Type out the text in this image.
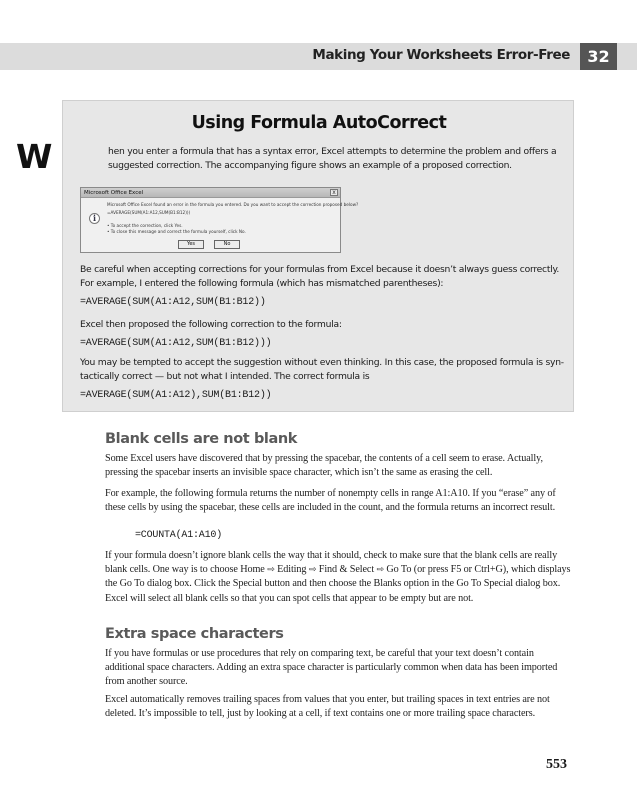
Making Your Worksheets Error-Free	32
Using Formula AutoCorrect
W	hen you enter a formula that has a syntax error, Excel attempts to determine the problem and offers a suggested correction. The accompanying figure shows an example of a proposed correction.
Microsoft Office Excel	x
i
Microsoft Office Excel found an error in the formula you entered. Do you want to accept the correction proposed below?
=AVERAGE(SUM(A1:A12,SUM(B1:B12)))
• To accept the correction, click Yes.
• To close this message and correct the formula yourself, click No.
Yes	No
Be careful when accepting corrections for your formulas from Excel because it doesn’t always guess correctly. For example, I entered the following formula (which has mismatched parentheses):
=AVERAGE(SUM(A1:A12,SUM(B1:B12))
Excel then proposed the following correction to the formula:
=AVERAGE(SUM(A1:A12,SUM(B1:B12)))
You may be tempted to accept the suggestion without even thinking. In this case, the proposed formula is syn-tactically correct — but not what I intended. The correct formula is
=AVERAGE(SUM(A1:A12),SUM(B1:B12))
Blank cells are not blank
Some Excel users have discovered that by pressing the spacebar, the contents of a cell seem to erase. Actually, pressing the spacebar inserts an invisible space character, which isn’t the same as erasing the cell.
For example, the following formula returns the number of nonempty cells in range A1:A10. If you “erase” any of these cells by using the spacebar, these cells are included in the count, and the formula returns an incorrect result.
=COUNTA(A1:A10)
If your formula doesn’t ignore blank cells the way that it should, check to make sure that the blank cells are really blank cells. One way is to choose Home ⇨ Editing ⇨ Find & Select ⇨ Go To (or press F5 or Ctrl+G), which displays the Go To dialog box. Click the Special button and then choose the Blanks option in the Go To Special dialog box. Excel will select all blank cells so that you can spot cells that appear to be empty but are not.
Extra space characters
If you have formulas or use procedures that rely on comparing text, be careful that your text doesn’t contain additional space characters. Adding an extra space character is particularly common when data has been imported from another source.
Excel automatically removes trailing spaces from values that you enter, but trailing spaces in text entries are not deleted. It’s impossible to tell, just by looking at a cell, if text contains one or more trailing space characters.
553
